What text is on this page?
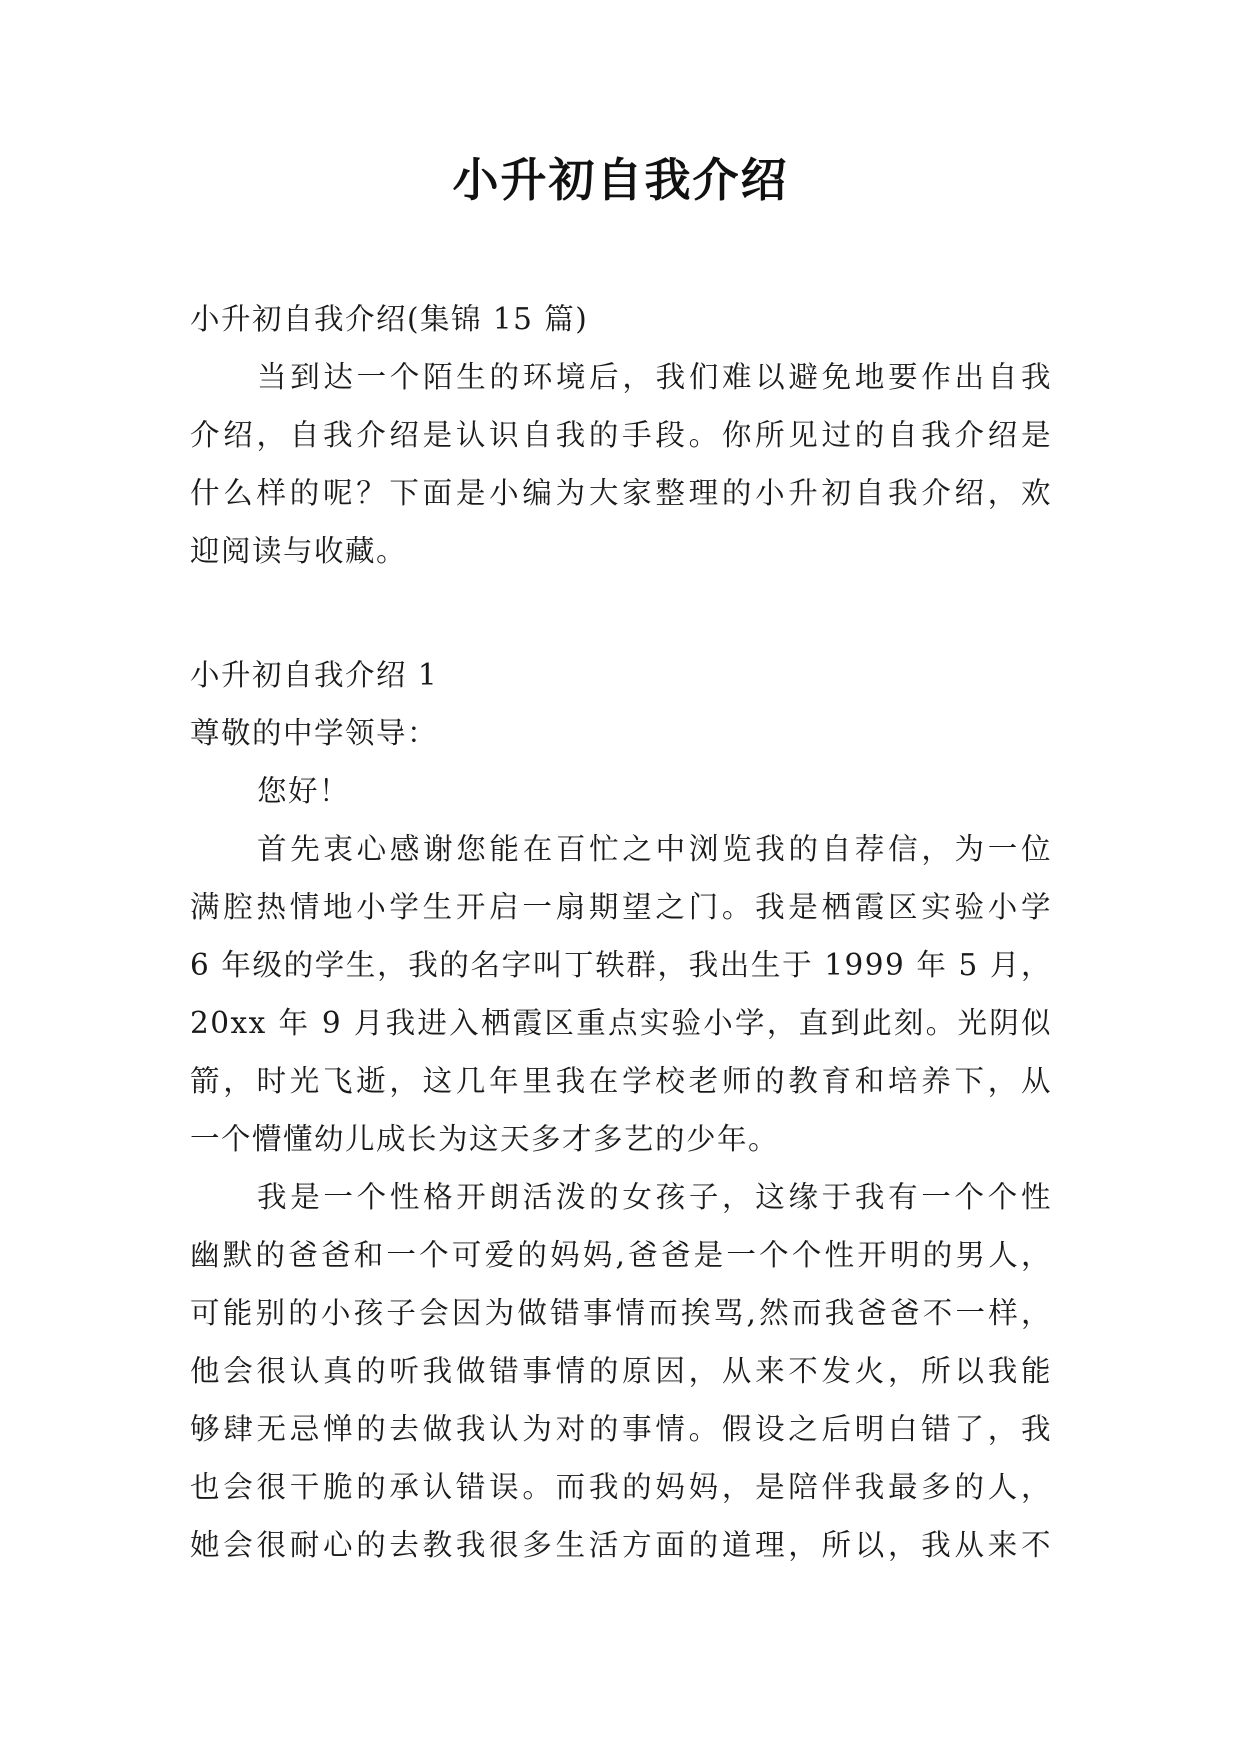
小升初自我介绍
小升初自我介绍(集锦 15 篇)
当到达一个陌生的环境后，我们难以避免地要作出自我
介绍，自我介绍是认识自我的手段。你所见过的自我介绍是
什么样的呢？下面是小编为大家整理的小升初自我介绍，欢
迎阅读与收藏。
小升初自我介绍 1
尊敬的中学领导：
您好！
首先衷心感谢您能在百忙之中浏览我的自荐信，为一位
满腔热情地小学生开启一扇期望之门。我是栖霞区实验小学
6 年级的学生，我的名字叫丁轶群，我出生于 1999 年 5 月，
20xx 年 9 月我进入栖霞区重点实验小学，直到此刻。光阴似
箭，时光飞逝，这几年里我在学校老师的教育和培养下，从
一个懵懂幼儿成长为这天多才多艺的少年。
我是一个性格开朗活泼的女孩子，这缘于我有一个个性
幽默的爸爸和一个可爱的妈妈,爸爸是一个个性开明的男人，
可能别的小孩子会因为做错事情而挨骂,然而我爸爸不一样，
他会很认真的听我做错事情的原因，从来不发火，所以我能
够肆无忌惮的去做我认为对的事情。假设之后明白错了，我
也会很干脆的承认错误。而我的妈妈，是陪伴我最多的人，
她会很耐心的去教我很多生活方面的道理，所以，我从来不
